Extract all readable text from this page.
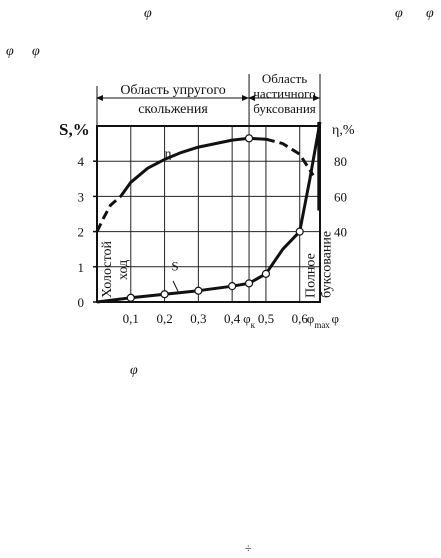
φ	φ φ
φ φ
φ
÷
Область упругого
скольжения
Область
частичного
буксования
Холостой ход	Полное буксование
0
1
2
3
4
S,%
40
60
80
η,%
0,1 0,2 0,3 0,4 $\varphi_к$ 0,5 0,6
$\varphi_{max}$ φ
S
η
